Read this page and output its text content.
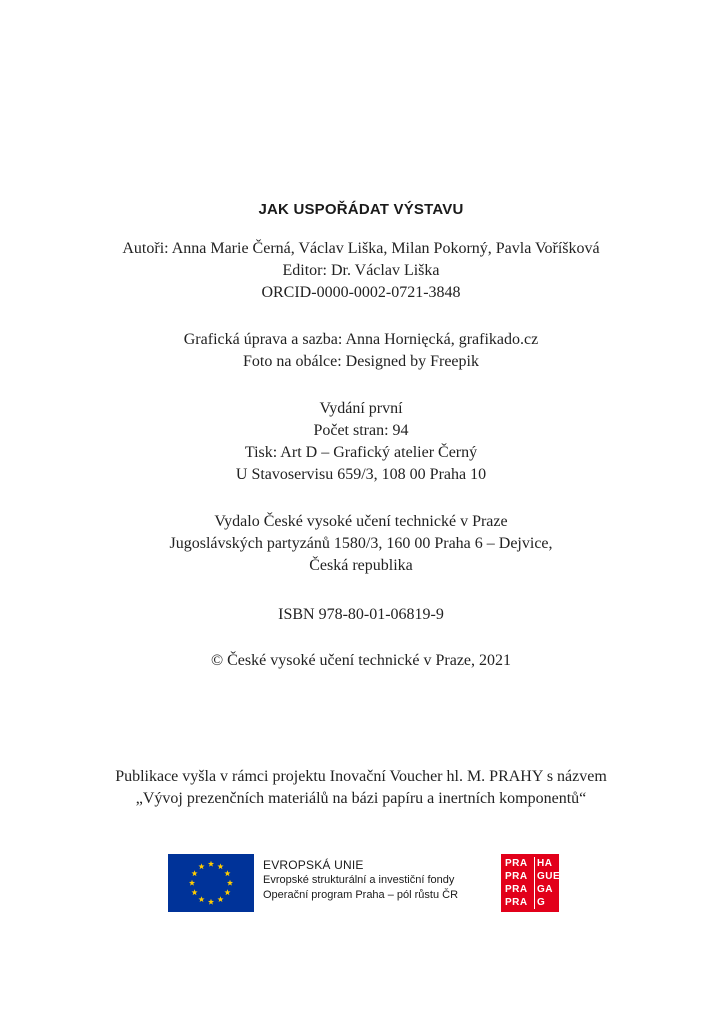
JAK USPOŘÁDAT VÝSTAVU
Autoři: Anna Marie Černá, Václav Liška, Milan Pokorný, Pavla Voříšková
Editor: Dr. Václav Liška
ORCID-0000-0002-0721-3848
Grafická úprava a sazba: Anna Hornięcká, grafikado.cz
Foto na obálce: Designed by Freepik
Vydání první
Počet stran: 94
Tisk: Art D – Grafický atelier Černý
U Stavoservisu 659/3, 108 00 Praha 10
Vydalo České vysoké učení technické v Praze
Jugoslávských partyzánů 1580/3, 160 00 Praha 6 – Dejvice,
Česká republika
ISBN 978-80-01-06819-9
© České vysoké učení technické v Praze, 2021
Publikace vyšla v rámci projektu Inovační Voucher hl. M. PRAHY s názvem
„Vývoj prezenčních materiálů na bázi papíru a inertních komponentů“
EVROPSKÁ UNIE
Evropské strukturální a investiční fondy
Operační program Praha – pól růstu ČR
PRA
PRA
PRA
PRA
HA
GUE
GA
G
